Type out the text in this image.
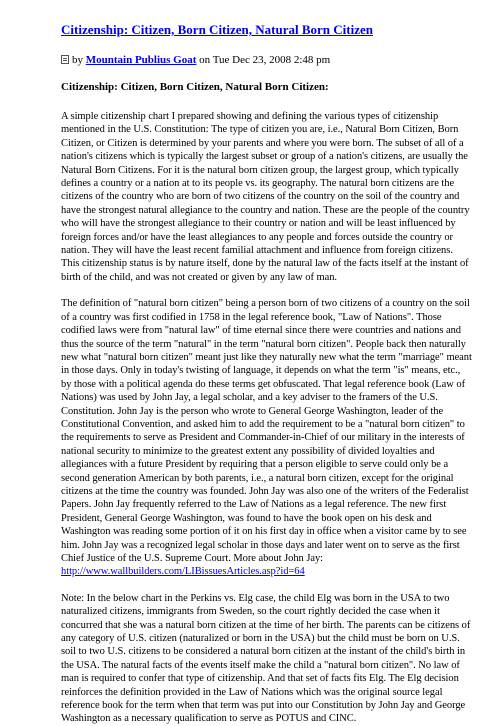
Citizenship: Citizen, Born Citizen, Natural Born Citizen
by Mountain Publius Goat on Tue Dec 23, 2008 2:48 pm
Citizenship: Citizen, Born Citizen, Natural Born Citizen:

A simple citizenship chart I prepared showing and defining the various types of citizenship mentioned in the U.S. Constitution: The type of citizen you are, i.e., Natural Born Citizen, Born Citizen, or Citizen is determined by your parents and where you were born. The subset of all of a nation's citizens which is typically the largest subset or group of a nation's citizens, are usually the Natural Born Citizens. For it is the natural born citizen group, the largest group, which typically defines a country or a nation at to its people vs. its geography. The natural born citizens are the citizens of the country who are born of two citizens of the country on the soil of the country and have the strongest natural allegiance to the country and nation. These are the people of the country who will have the strongest allegiance to their country or nation and will be least influenced by foreign forces and/or have the least allegiances to any people and forces outside the country or nation. They will have the least recent familial attachment and influence from foreign citizens. This citizenship status is by nature itself, done by the natural law of the facts itself at the instant of birth of the child, and was not created or given by any law of man.

The definition of "natural born citizen" being a person born of two citizens of a country on the soil of a country was first codified in 1758 in the legal reference book, "Law of Nations". Those codified laws were from "natural law" of time eternal since there were countries and nations and thus the source of the term "natural" in the term "natural born citizen". People back then naturally new what "natural born citizen" meant just like they naturally new what the term "marriage" meant in those days. Only in today's twisting of language, it depends on what the term "is" means, etc., by those with a political agenda do these terms get obfuscated. That legal reference book (Law of Nations) was used by John Jay, a legal scholar, and a key adviser to the framers of the U.S. Constitution. John Jay is the person who wrote to General George Washington, leader of the Constitutional Convention, and asked him to add the requirement to be a "natural born citizen" to the requirements to serve as President and Commander-in-Chief of our military in the interests of national security to minimize to the greatest extent any possibility of divided loyalties and allegiances with a future President by requiring that a person eligible to serve could only be a second generation American by both parents, i.e., a natural born citizen, except for the original citizens at the time the country was founded. John Jay was also one of the writers of the Federalist Papers. John Jay frequently referred to the Law of Nations as a legal reference. The new first President, General George Washington, was found to have the book open on his desk and Washington was reading some portion of it on his first day in office when a visitor came by to see him. John Jay was a recognized legal scholar in those days and later went on to serve as the first Chief Justice of the U.S. Supreme Court. More about John Jay:
http://www.wallbuilders.com/LIBissuesArticles.asp?id=64

Note: In the below chart in the Perkins vs. Elg case, the child Elg was born in the USA to two naturalized citizens, immigrants from Sweden, so the court rightly decided the case when it concurred that she was a natural born citizen at the time of her birth. The parents can be citizens of any category of U.S. citizen (naturalized or born in the USA) but the child must be born on U.S. soil to two U.S. citizens to be considered a natural born citizen at the instant of the child's birth in the USA. The natural facts of the events itself make the child a "natural born citizen". No law of man is required to confer that type of citizenship. And that set of facts fits Elg. The Elg decision reinforces the definition provided in the Law of Nations which was the original source legal reference book for the term when that term was put into our Constitution by John Jay and George Washington as a necessary qualification to serve as POTUS and CINC.
